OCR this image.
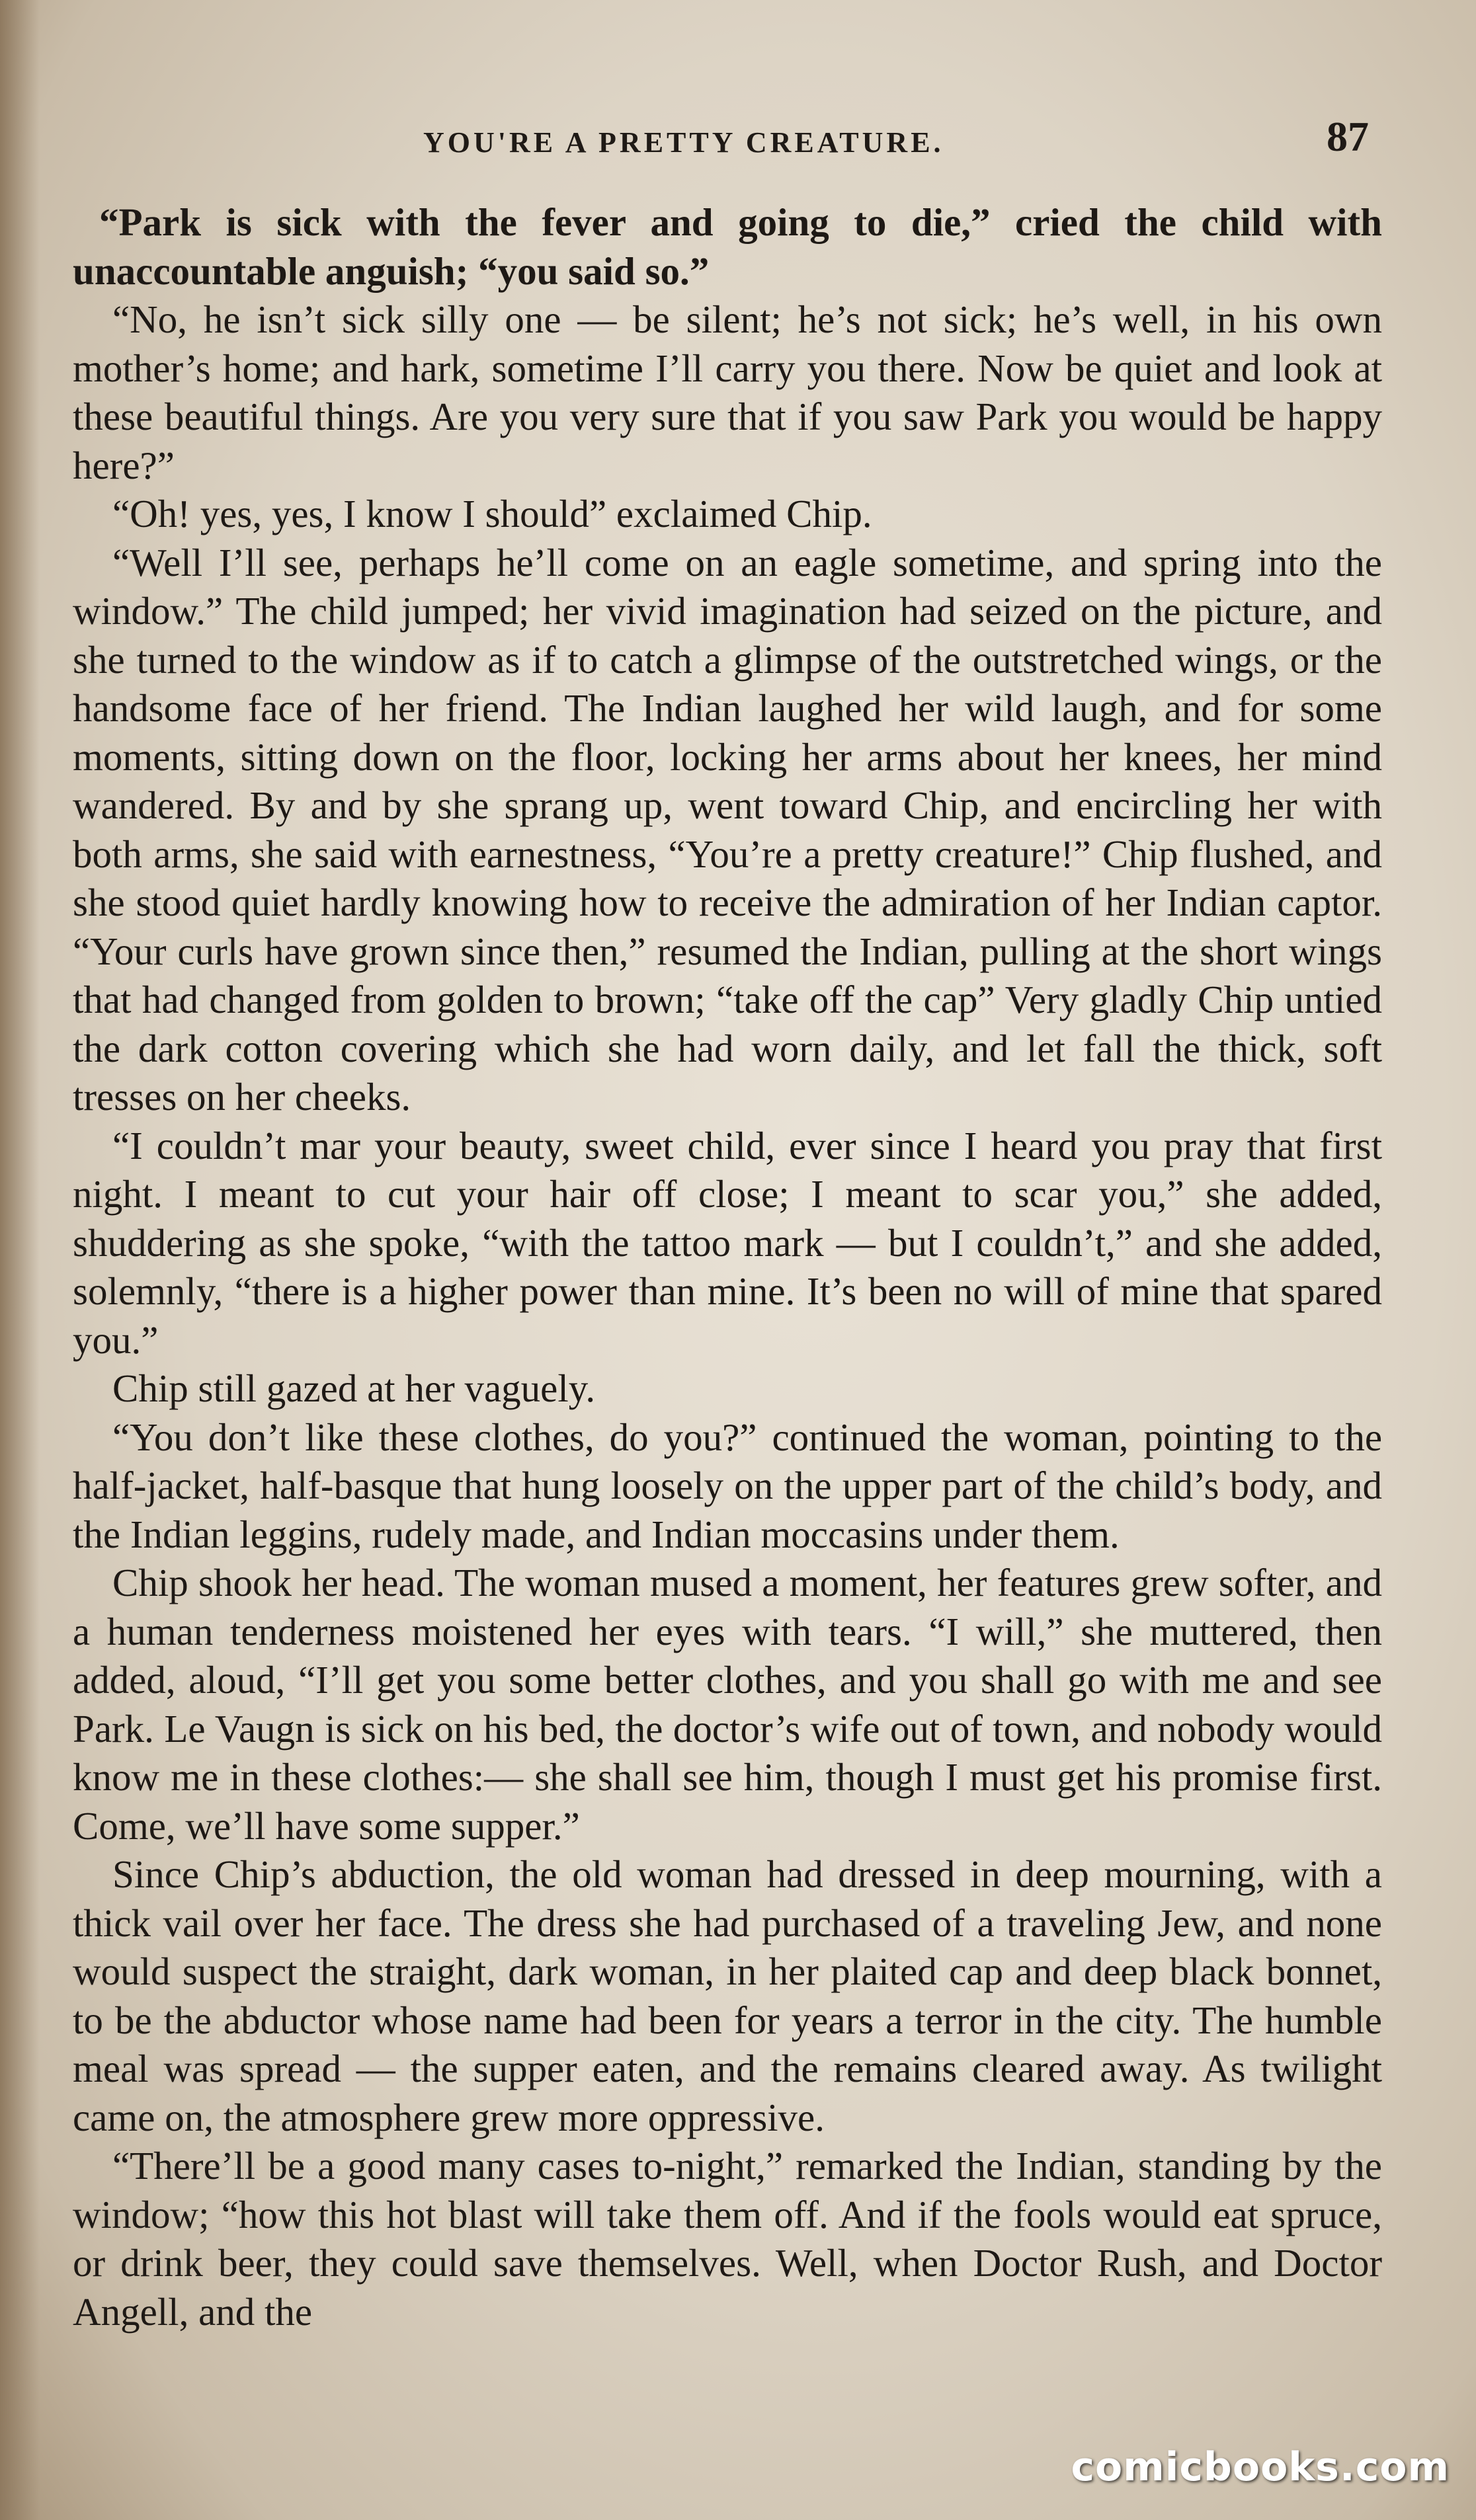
YOU'RE A PRETTY CREATURE.	87

“Park is sick with the fever and going to die,” cried the child with unaccountable anguish; “you said so.”

“No, he isn’t sick silly one — be silent; he’s not sick; he’s well, in his own mother’s home; and hark, sometime I’ll carry you there. Now be quiet and look at these beautiful things. Are you very sure that if you saw Park you would be happy here?”

“Oh! yes, yes, I know I should” exclaimed Chip.

“Well I’ll see, perhaps he’ll come on an eagle sometime, and spring into the window.” The child jumped; her vivid imagination had seized on the picture, and she turned to the window as if to catch a glimpse of the outstretched wings, or the handsome face of her friend. The Indian laughed her wild laugh, and for some moments, sitting down on the floor, locking her arms about her knees, her mind wandered. By and by she sprang up, went toward Chip, and encircling her with both arms, she said with earnestness, “You’re a pretty creature!” Chip flushed, and she stood quiet hardly knowing how to receive the admiration of her Indian captor. “Your curls have grown since then,” resumed the Indian, pulling at the short wings that had changed from golden to brown; “take off the cap” Very gladly Chip untied the dark cotton covering which she had worn daily, and let fall the thick, soft tresses on her cheeks.

“I couldn’t mar your beauty, sweet child, ever since I heard you pray that first night. I meant to cut your hair off close; I meant to scar you,” she added, shuddering as she spoke, “with the tattoo mark — but I couldn’t,” and she added, solemnly, “there is a higher power than mine. It’s been no will of mine that spared you.”

Chip still gazed at her vaguely.

“You don’t like these clothes, do you?” continued the woman, pointing to the half-jacket, half-basque that hung loosely on the upper part of the child’s body, and the Indian leggins, rudely made, and Indian moccasins under them.

Chip shook her head. The woman mused a moment, her features grew softer, and a human tenderness moistened her eyes with tears. “I will,” she muttered, then added, aloud, “I’ll get you some better clothes, and you shall go with me and see Park. Le Vaugn is sick on his bed, the doctor’s wife out of town, and nobody would know me in these clothes:— she shall see him, though I must get his promise first. Come, we’ll have some supper.”

Since Chip’s abduction, the old woman had dressed in deep mourning, with a thick vail over her face. The dress she had purchased of a traveling Jew, and none would suspect the straight, dark woman, in her plaited cap and deep black bonnet, to be the abductor whose name had been for years a terror in the city. The humble meal was spread — the supper eaten, and the remains cleared away. As twilight came on, the atmosphere grew more oppressive.

“There’ll be a good many cases to-night,” remarked the Indian, standing by the window; “how this hot blast will take them off. And if the fools would eat spruce, or drink beer, they could save themselves. Well, when Doctor Rush, and Doctor Angell, and the

comicbooks.com
